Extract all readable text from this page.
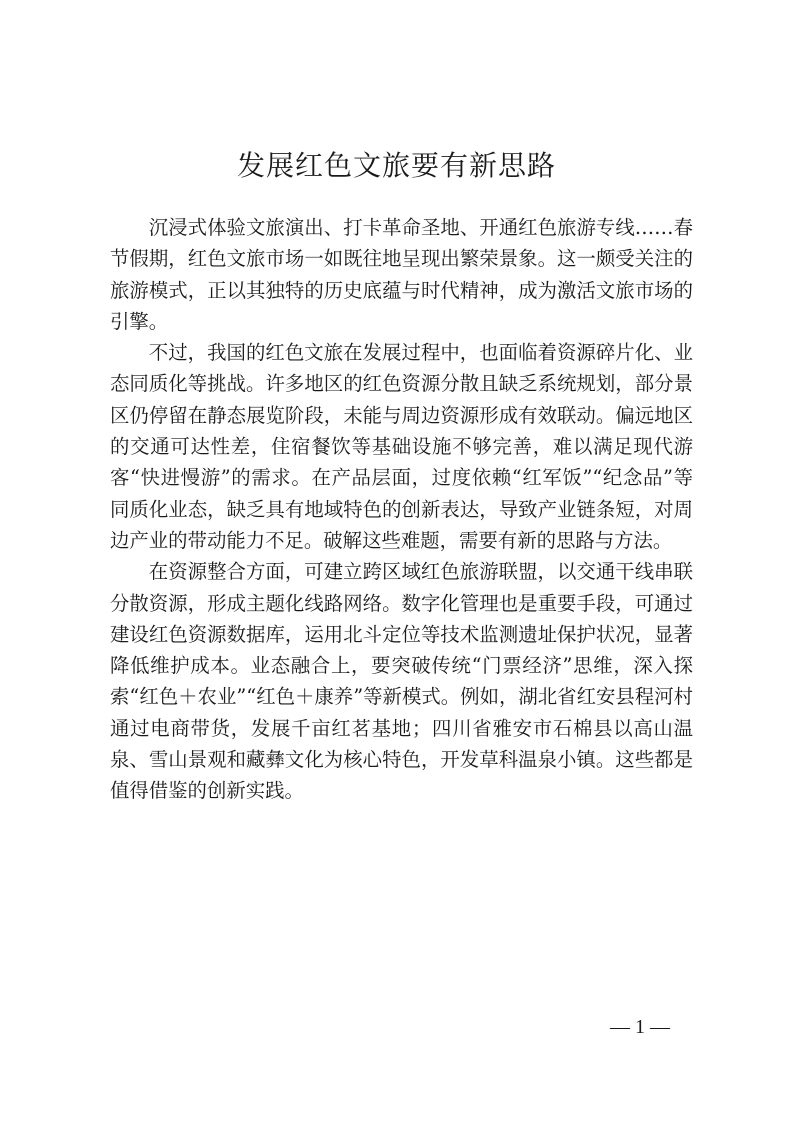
发展红色文旅要有新思路

沉浸式体验文旅演出、打卡革命圣地、开通红色旅游专线……春节假期，红色文旅市场一如既往地呈现出繁荣景象。这一颇受关注的旅游模式，正以其独特的历史底蕴与时代精神，成为激活文旅市场的引擎。

不过，我国的红色文旅在发展过程中，也面临着资源碎片化、业态同质化等挑战。许多地区的红色资源分散且缺乏系统规划，部分景区仍停留在静态展览阶段，未能与周边资源形成有效联动。偏远地区的交通可达性差，住宿餐饮等基础设施不够完善，难以满足现代游客“快进慢游”的需求。在产品层面，过度依赖“红军饭”“纪念品”等同质化业态，缺乏具有地域特色的创新表达，导致产业链条短，对周边产业的带动能力不足。破解这些难题，需要有新的思路与方法。

在资源整合方面，可建立跨区域红色旅游联盟，以交通干线串联分散资源，形成主题化线路网络。数字化管理也是重要手段，可通过建设红色资源数据库，运用北斗定位等技术监测遗址保护状况，显著降低维护成本。业态融合上，要突破传统“门票经济”思维，深入探索“红色＋农业”“红色＋康养”等新模式。例如，湖北省红安县程河村通过电商带货，发展千亩红茗基地；四川省雅安市石棉县以高山温泉、雪山景观和藏彝文化为核心特色，开发草科温泉小镇。这些都是值得借鉴的创新实践。

— 1 —
